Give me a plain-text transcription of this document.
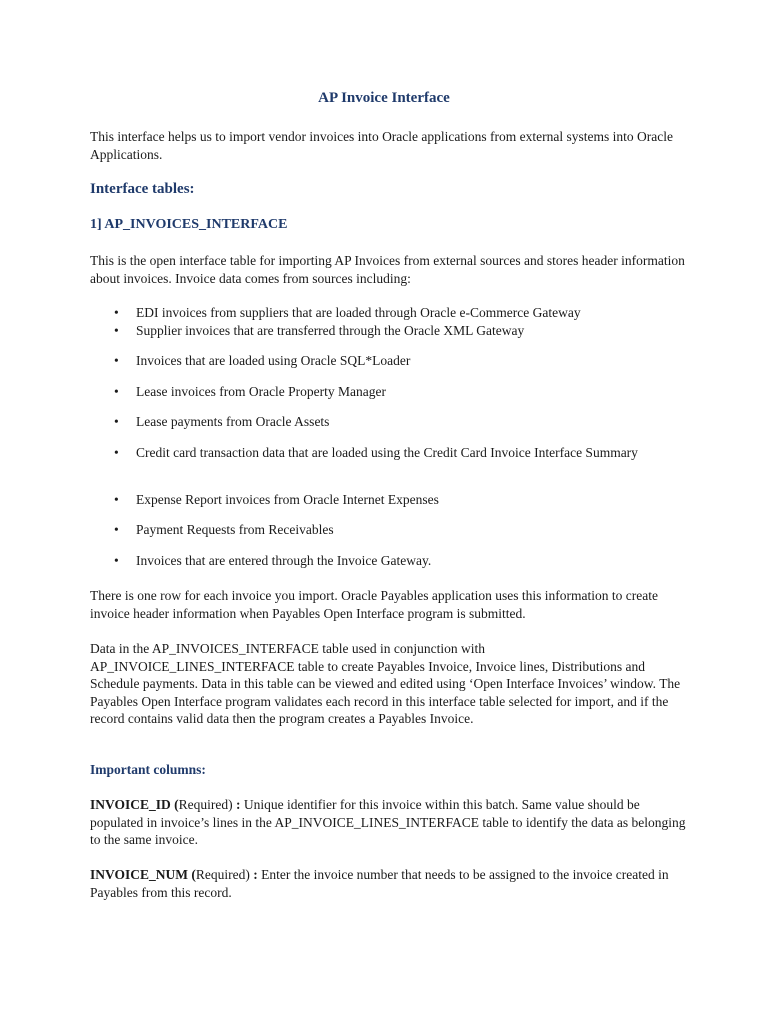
AP Invoice Interface

This interface helps us to import vendor invoices into Oracle applications from external systems into Oracle Applications.

Interface tables:
1] AP_INVOICES_INTERFACE

This is the open interface table for importing AP Invoices from external sources and stores header information about invoices. Invoice data comes from sources including:

• EDI invoices from suppliers that are loaded through Oracle e-Commerce Gateway
• Supplier invoices that are transferred through the Oracle XML Gateway
• Invoices that are loaded using Oracle SQL*Loader
• Lease invoices from Oracle Property Manager
• Lease payments from Oracle Assets
• Credit card transaction data that are loaded using the Credit Card Invoice Interface Summary
• Expense Report invoices from Oracle Internet Expenses
• Payment Requests from Receivables
• Invoices that are entered through the Invoice Gateway.

There is one row for each invoice you import. Oracle Payables application uses this information to create invoice header information when Payables Open Interface program is submitted.

Data in the AP_INVOICES_INTERFACE table used in conjunction with AP_INVOICE_LINES_INTERFACE table to create Payables Invoice, Invoice lines, Distributions and Schedule payments. Data in this table can be viewed and edited using ‘Open Interface Invoices’ window. The Payables Open Interface program validates each record in this interface table selected for import, and if the record contains valid data then the program creates a Payables Invoice.

Important columns:

INVOICE_ID (Required) : Unique identifier for this invoice within this batch. Same value should be populated in invoice’s lines in the AP_INVOICE_LINES_INTERFACE table to identify the data as belonging to the same invoice.

INVOICE_NUM (Required) : Enter the invoice number that needs to be assigned to the invoice created in Payables from this record.
